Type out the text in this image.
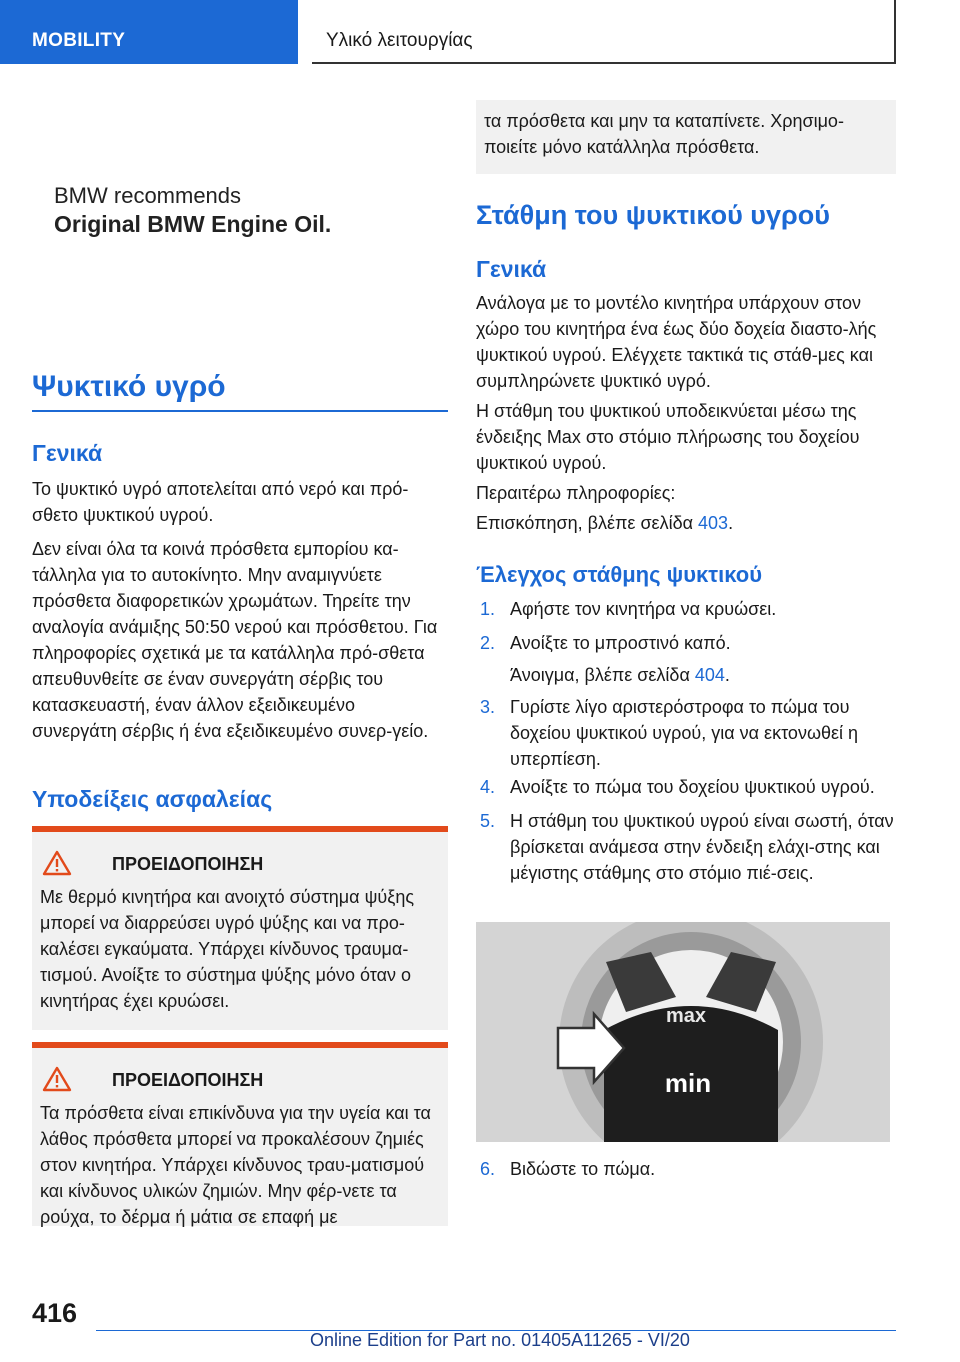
MOBILITY	Υλικό λειτουργίας
BMW recommends
Original BMW Engine Oil.
Ψυκτικό υγρό
Γενικά
Το ψυκτικό υγρό αποτελείται από νερό και πρό-σθετο ψυκτικού υγρού.
Δεν είναι όλα τα κοινά πρόσθετα εμπορίου κα-τάλληλα για το αυτοκίνητο. Μην αναμιγνύετε πρόσθετα διαφορετικών χρωμάτων. Τηρείτε την αναλογία ανάμιξης 50:50 νερού και πρόσθετου. Για πληροφορίες σχετικά με τα κατάλληλα πρό-σθετα απευθυνθείτε σε έναν συνεργάτη σέρβις του κατασκευαστή, έναν άλλον εξειδικευμένο συνεργάτη σέρβις ή ένα εξειδικευμένο συνερ-γείο.
Υποδείξεις ασφαλείας
ΠΡΟΕΙΔΟΠΟΙΗΣΗ
Με θερμό κινητήρα και ανοιχτό σύστημα ψύξης μπορεί να διαρρεύσει υγρό ψύξης και να προ-καλέσει εγκαύματα. Υπάρχει κίνδυνος τραυμα-τισμού. Ανοίξτε το σύστημα ψύξης μόνο όταν ο κινητήρας έχει κρυώσει.
ΠΡΟΕΙΔΟΠΟΙΗΣΗ
Τα πρόσθετα είναι επικίνδυνα για την υγεία και τα λάθος πρόσθετα μπορεί να προκαλέσουν ζημιές στον κινητήρα. Υπάρχει κίνδυνος τραυ-ματισμού και κίνδυνος υλικών ζημιών. Μην φέρ-νετε τα ρούχα, το δέρμα ή μάτια σε επαφή με

τα πρόσθετα και μην τα καταπίνετε. Χρησιμο-ποιείτε μόνο κατάλληλα πρόσθετα.

Στάθμη του ψυκτικού υγρού
Γενικά
Ανάλογα με το μοντέλο κινητήρα υπάρχουν στον χώρο του κινητήρα ένα έως δύο δοχεία διαστο-λής ψυκτικού υγρού. Ελέγχετε τακτικά τις στάθ-μες και συμπληρώνετε ψυκτικό υγρό.
Η στάθμη του ψυκτικού υποδεικνύεται μέσω της ένδειξης Max στο στόμιο πλήρωσης του δοχείου ψυκτικού υγρού.
Περαιτέρω πληροφορίες:
Επισκόπηση, βλέπε σελίδα 403.
Έλεγχος στάθμης ψυκτικού
1. Αφήστε τον κινητήρα να κρυώσει.
2. Ανοίξτε το μπροστινό καπό.
Άνοιγμα, βλέπε σελίδα 404.
3. Γυρίστε λίγο αριστερόστροφα το πώμα του δοχείου ψυκτικού υγρού, για να εκτονωθεί η υπερπίεση.
4. Ανοίξτε το πώμα του δοχείου ψυκτικού υγρού.
5. Η στάθμη του ψυκτικού υγρού είναι σωστή, όταν βρίσκεται ανάμεσα στην ένδειξη ελάχι-στης και μέγιστης στάθμης στο στόμιο πιέ-σεις.
max
min
6. Βιδώστε το πώμα.
416
Online Edition for Part no. 01405A11265 - VI/20
